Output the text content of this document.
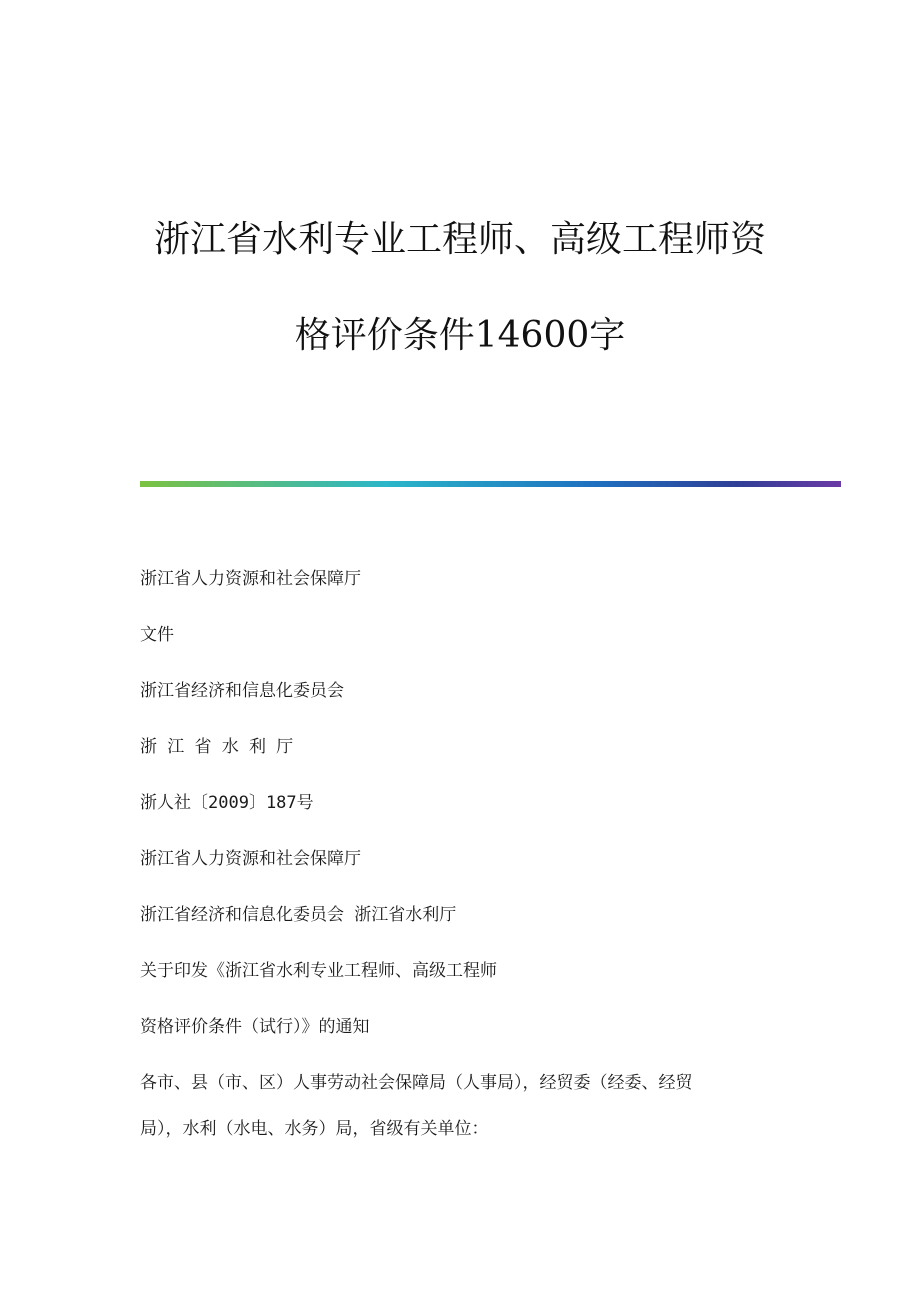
浙江省水利专业工程师、高级工程师资
格评价条件14600字
浙江省人力资源和社会保障厅
文件
浙江省经济和信息化委员会
浙 江 省 水 利 厅
浙人社〔2009〕187号
浙江省人力资源和社会保障厅
浙江省经济和信息化委员会 浙江省水利厅
关于印发《浙江省水利专业工程师、高级工程师
资格评价条件（试行）》的通知
各市、县（市、区）人事劳动社会保障局（人事局），经贸委（经委、经贸
局），水利（水电、水务）局，省级有关单位：
